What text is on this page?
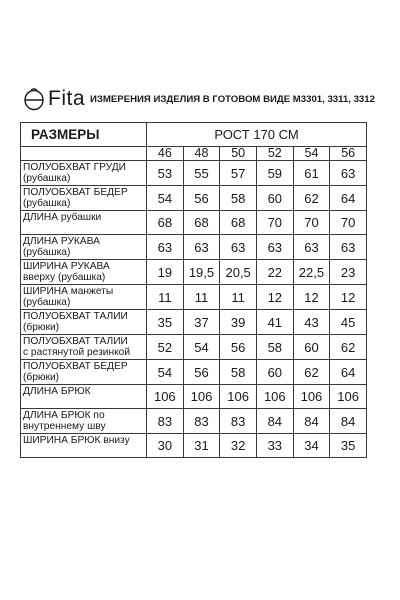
Fita ИЗМЕРЕНИЯ ИЗДЕЛИЯ В ГОТОВОМ ВИДЕ М3301, 3311, 3312
РАЗМЕРЫ	РОСТ 170 СМ					
	46	48	50	52	54	56
ПОЛУОБХВАТ ГРУДИ
(рубашка)	53	55	57	59	61	63
ПОЛУОБХВАТ БЕДЕР
(рубашка)	54	56	58	60	62	64
ДЛИНА рубашки	68	68	68	70	70	70
ДЛИНА РУКАВА
(рубашка)	63	63	63	63	63	63
ШИРИНА РУКАВА
вверху (рубашка)	19	19,5	20,5	22	22,5	23
ШИРИНА манжеты
(рубашка)	11	11	11	12	12	12
ПОЛУОБХВАТ ТАЛИИ
(брюки)	35	37	39	41	43	45
ПОЛУОБХВАТ ТАЛИИ
с растянутой резинкой	52	54	56	58	60	62
ПОЛУОБХВАТ БЕДЕР
(брюки)	54	56	58	60	62	64
ДЛИНА БРЮК	106	106	106	106	106	106
ДЛИНА БРЮК по
внутреннему шву	83	83	83	84	84	84
ШИРИНА БРЮК внизу	30	31	32	33	34	35
